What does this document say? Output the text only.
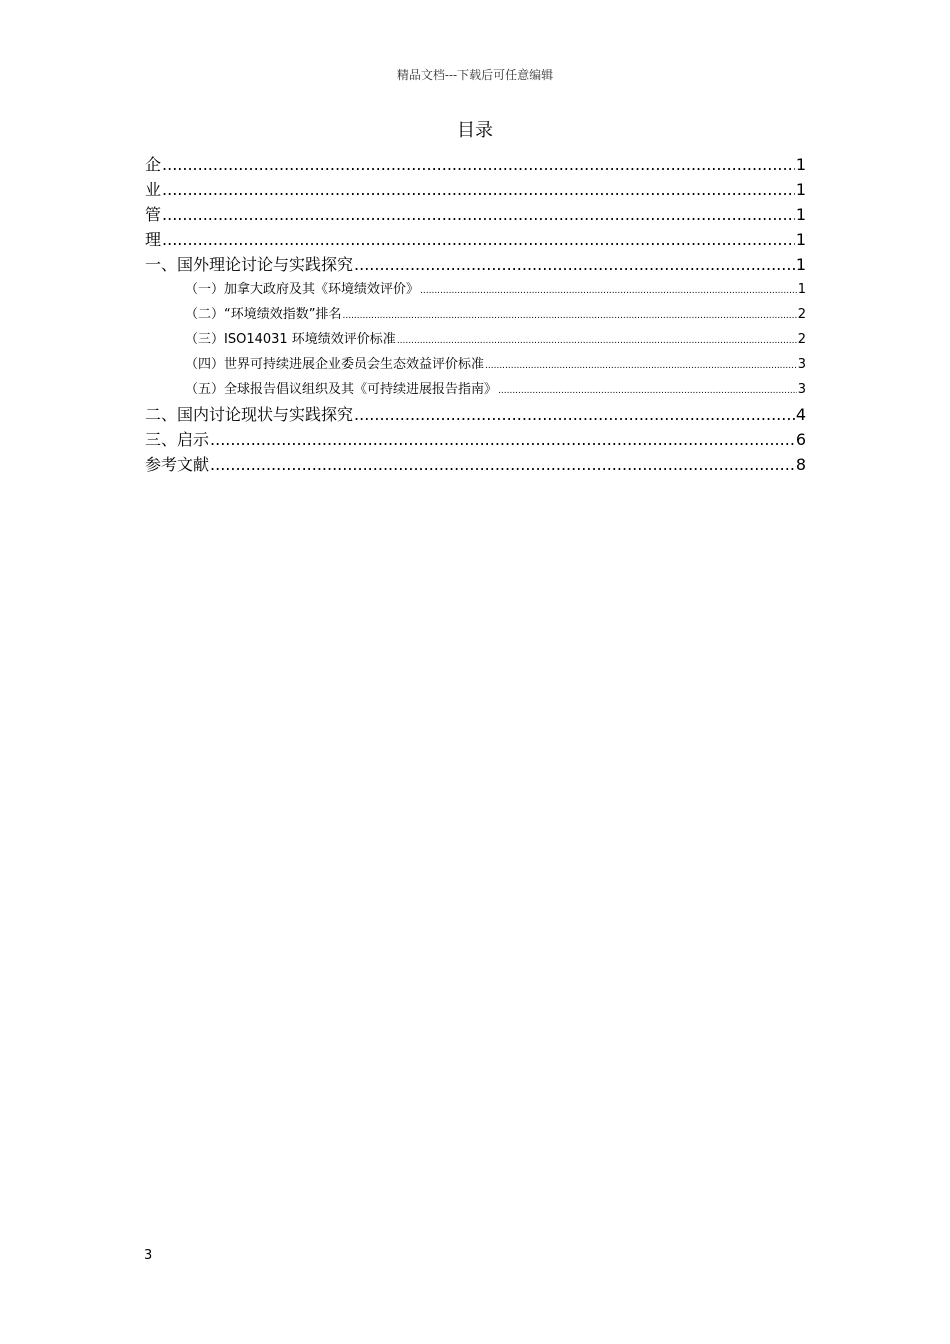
精品文档---下载后可任意编辑
目录
企 .....	1
业 .....	1
管 .....	1
理 .....	1
一、国外理论讨论与实践探究 .....	1
（一）加拿大政府及其《环境绩效评价》 .....	1
（二）“环境绩效指数”排名 .....	2
（三）ISO14031 环境绩效评价标准 .....	2
（四）世界可持续进展企业委员会生态效益评价标准 .....	3
（五）全球报告倡议组织及其《可持续进展报告指南》 .....	3
二、国内讨论现状与实践探究 .....	4
三、启示 .....	6
参考文献 .....	8
3
